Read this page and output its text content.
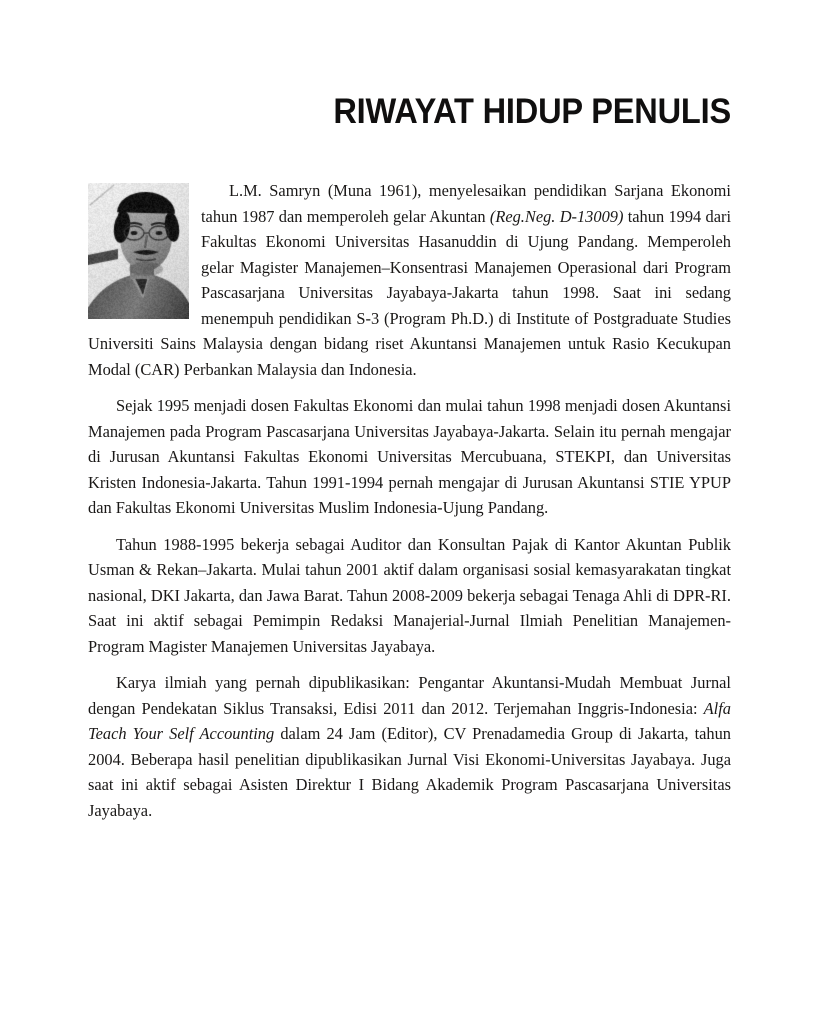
RIWAYAT HIDUP PENULIS

L.M. Samryn (Muna 1961), menyelesaikan pendidikan Sarjana Ekonomi tahun 1987 dan memperoleh gelar Akuntan (Reg.Neg. D-13009) tahun 1994 dari Fakultas Ekonomi Universitas Hasanuddin di Ujung Pandang. Memperoleh gelar Magister Manajemen–Konsentrasi Manajemen Operasional dari Program Pascasarjana Universitas Jayabaya-Jakarta tahun 1998. Saat ini sedang menempuh pendidikan S-3 (Program Ph.D.) di Institute of Postgraduate Studies Universiti Sains Malaysia dengan bidang riset Akuntansi Manajemen untuk Rasio Kecukupan Modal (CAR) Perbankan Malaysia dan Indonesia.

Sejak 1995 menjadi dosen Fakultas Ekonomi dan mulai tahun 1998 menjadi dosen Akuntansi Manajemen pada Program Pascasarjana Universitas Jayabaya-Jakarta. Selain itu pernah mengajar di Jurusan Akuntansi Fakultas Ekonomi Universitas Mercubuana, STEKPI, dan Universitas Kristen Indonesia-Jakarta. Tahun 1991-1994 pernah mengajar di Jurusan Akuntansi STIE YPUP dan Fakultas Ekonomi Universitas Muslim Indonesia-Ujung Pandang.

Tahun 1988-1995 bekerja sebagai Auditor dan Konsultan Pajak di Kantor Akuntan Publik Usman & Rekan–Jakarta. Mulai tahun 2001 aktif dalam organisasi sosial kemasyarakatan tingkat nasional, DKI Jakarta, dan Jawa Barat. Tahun 2008-2009 bekerja sebagai Tenaga Ahli di DPR-RI. Saat ini aktif sebagai Pemimpin Redaksi Manajerial-Jurnal Ilmiah Penelitian Manajemen-Program Magister Manajemen Universitas Jayabaya.

Karya ilmiah yang pernah dipublikasikan: Pengantar Akuntansi-Mudah Membuat Jurnal dengan Pendekatan Siklus Transaksi, Edisi 2011 dan 2012. Terjemahan Inggris-Indonesia: Alfa Teach Your Self Accounting dalam 24 Jam (Editor), CV Prenadamedia Group di Jakarta, tahun 2004. Beberapa hasil penelitian dipublikasikan Jurnal Visi Ekonomi-Universitas Jayabaya. Juga saat ini aktif sebagai Asisten Direktur I Bidang Akademik Program Pascasarjana Universitas Jayabaya.
